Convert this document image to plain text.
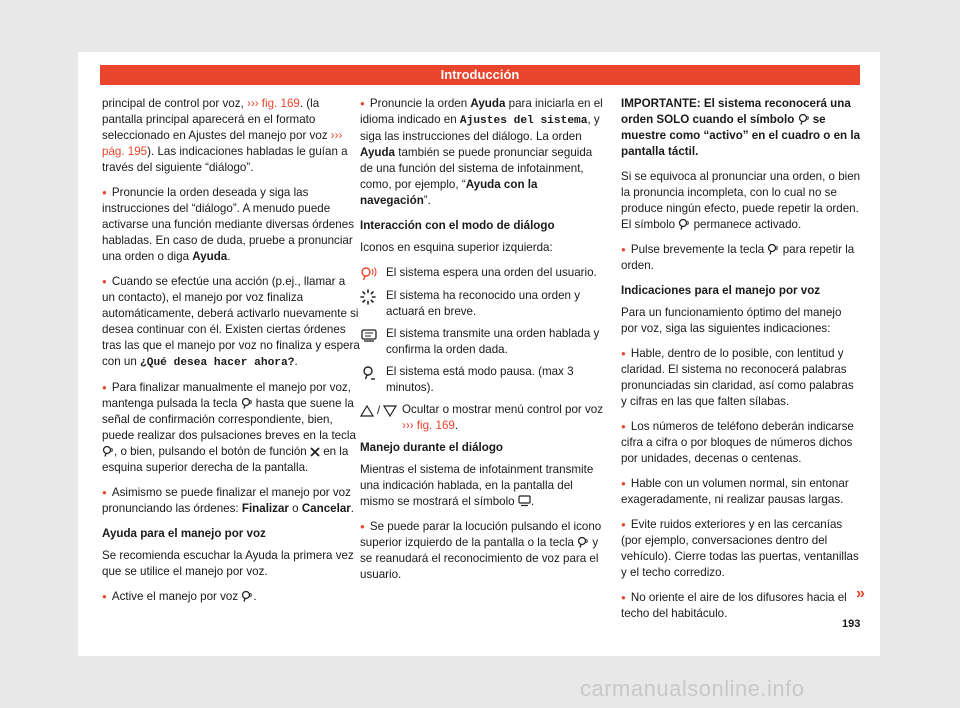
Introducción

principal de control por voz, ››› fig. 169. (la pantalla principal aparecerá en el formato seleccionado en Ajustes del manejo por voz ››› pág. 195). Las indicaciones habladas le guían a través del siguiente “diálogo”.

● Pronuncie la orden deseada y siga las instrucciones del “diálogo”. A menudo puede activarse una función mediante diversas órdenes habladas. En caso de duda, pruebe a pronunciar una orden o diga Ayuda.

● Cuando se efectúe una acción (p.ej., llamar a un contacto), el manejo por voz finaliza automáticamente, deberá activarlo nuevamente si desea continuar con él. Existen ciertas órdenes tras las que el manejo por voz no finaliza y espera con un ¿Qué desea hacer ahora?.

● Para finalizar manualmente el manejo por voz, mantenga pulsada la tecla  hasta que suene la señal de confirmación correspondiente, bien, puede realizar dos pulsaciones breves en la tecla , o bien, pulsando el botón de función  en la esquina superior derecha de la pantalla.

● Asimismo se puede finalizar el manejo por voz pronunciando las órdenes: Finalizar o Cancelar.

Ayuda para el manejo por voz

Se recomienda escuchar la Ayuda la primera vez que se utilice el manejo por voz.

● Active el manejo por voz .

● Pronuncie la orden Ayuda para iniciarla en el idioma indicado en Ajustes del sistema, y siga las instrucciones del diálogo. La orden Ayuda también se puede pronunciar seguida de una función del sistema de infotainment, como, por ejemplo, “Ayuda con la navegación”.

Interacción con el modo de diálogo

Iconos en esquina superior izquierda:

El sistema espera una orden del usuario.
El sistema ha reconocido una orden y actuará en breve.
El sistema transmite una orden hablada y confirma la orden dada.
El sistema está modo pausa. (max 3 minutos).
/ Ocultar o mostrar menú control por voz ››› fig. 169.

Manejo durante el diálogo

Mientras el sistema de infotainment transmite una indicación hablada, en la pantalla del mismo se mostrará el símbolo .

● Se puede parar la locución pulsando el icono superior izquierdo de la pantalla o la tecla  y se reanudará el reconocimiento de voz para el usuario.

IMPORTANTE: El sistema reconocerá una orden SOLO cuando el símbolo  se muestre como “activo” en el cuadro o en la pantalla táctil.

Si se equivoca al pronunciar una orden, o bien la pronuncia incompleta, con lo cual no se produce ningún efecto, puede repetir la orden. El símbolo  permanece activado.

● Pulse brevemente la tecla  para repetir la orden.

Indicaciones para el manejo por voz

Para un funcionamiento óptimo del manejo por voz, siga las siguientes indicaciones:

● Hable, dentro de lo posible, con lentitud y claridad. El sistema no reconocerá palabras pronunciadas sin claridad, así como palabras y cifras en las que falten sílabas.

● Los números de teléfono deberán indicarse cifra a cifra o por bloques de números dichos por unidades, decenas o centenas.

● Hable con un volumen normal, sin entonar exageradamente, ni realizar pausas largas.

● Evite ruidos exteriores y en las cercanías (por ejemplo, conversaciones dentro del vehículo). Cierre todas las puertas, ventanillas y el techo corredizo.

● No oriente el aire de los difusores hacia el techo del habitáculo.

»
193
carmanualsonline.info
